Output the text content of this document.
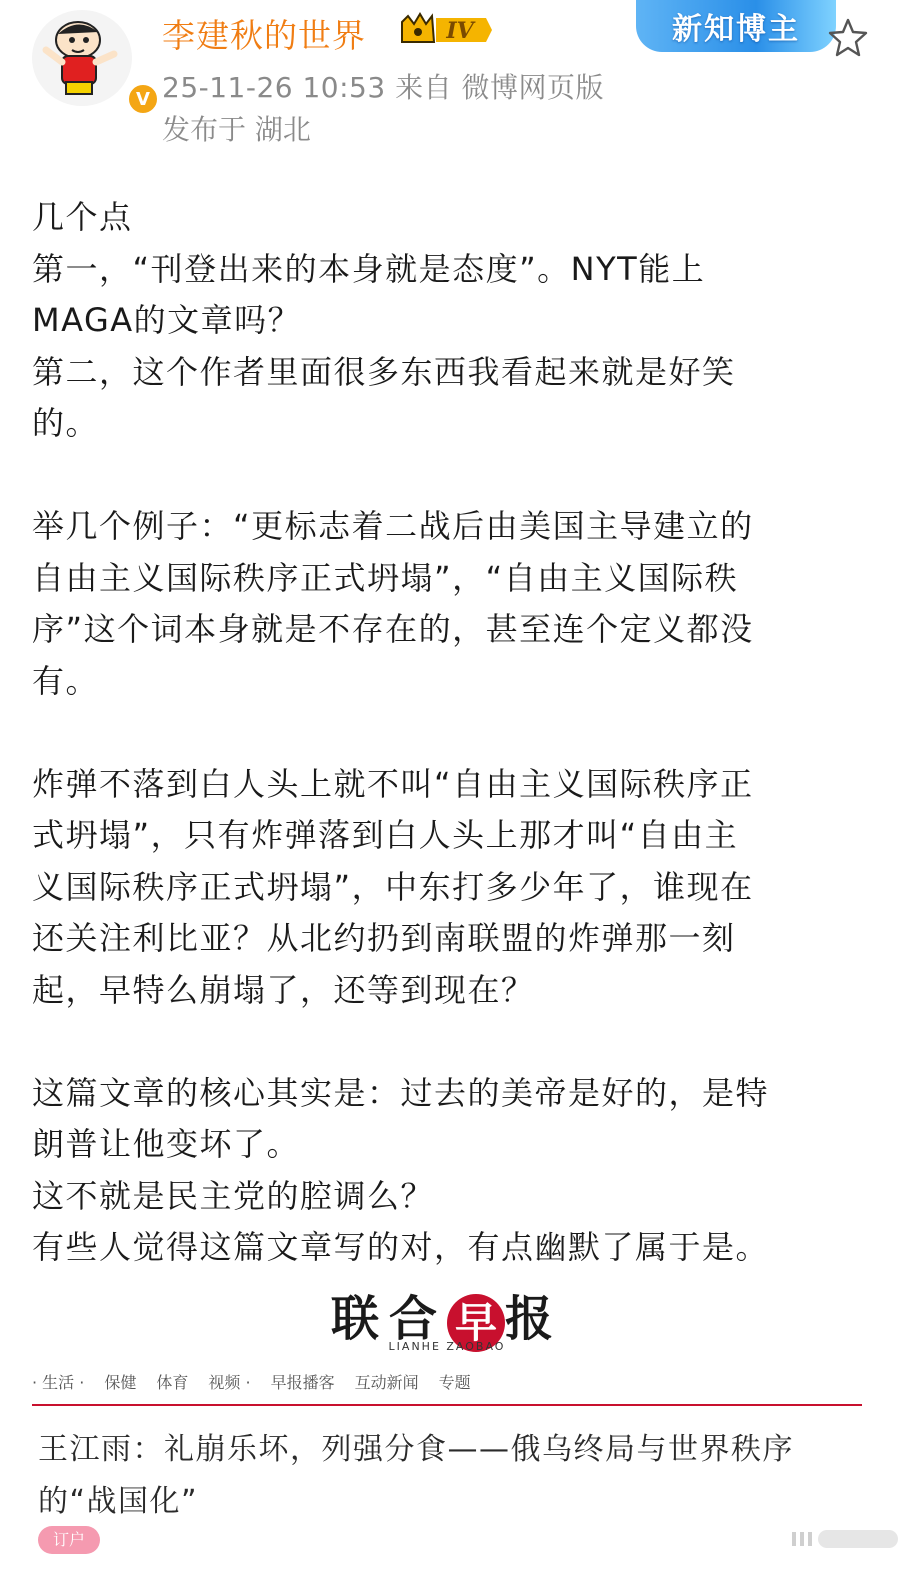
V
李建秋的世界	IV
25-11-26 10:53 来自 微博网页版
发布于 湖北
新知博主
几个点
第一，“刊登出来的本身就是态度”。NYT能上
MAGA的文章吗？
第二，这个作者里面很多东西我看起来就是好笑
的。
举几个例子：“更标志着二战后由美国主导建立的
自由主义国际秩序正式坍塌”，“自由主义国际秩
序”这个词本身就是不存在的，甚至连个定义都没
有。
炸弹不落到白人头上就不叫“自由主义国际秩序正
式坍塌”，只有炸弹落到白人头上那才叫“自由主
义国际秩序正式坍塌”，中东打多少年了，谁现在
还关注利比亚？从北约扔到南联盟的炸弹那一刻
起，早特么崩塌了，还等到现在？
这篇文章的核心其实是：过去的美帝是好的，是特
朗普让他变坏了。
这不就是民主党的腔调么？
有些人觉得这篇文章写的对，有点幽默了属于是。
联合 早 报
LIANHE ZAOBAO
· 生活 · 保健 体育 视频 · 早报播客 互动新闻 专题
王江雨：礼崩乐坏，列强分食——俄乌终局与世界秩序
的“战国化”
订户
